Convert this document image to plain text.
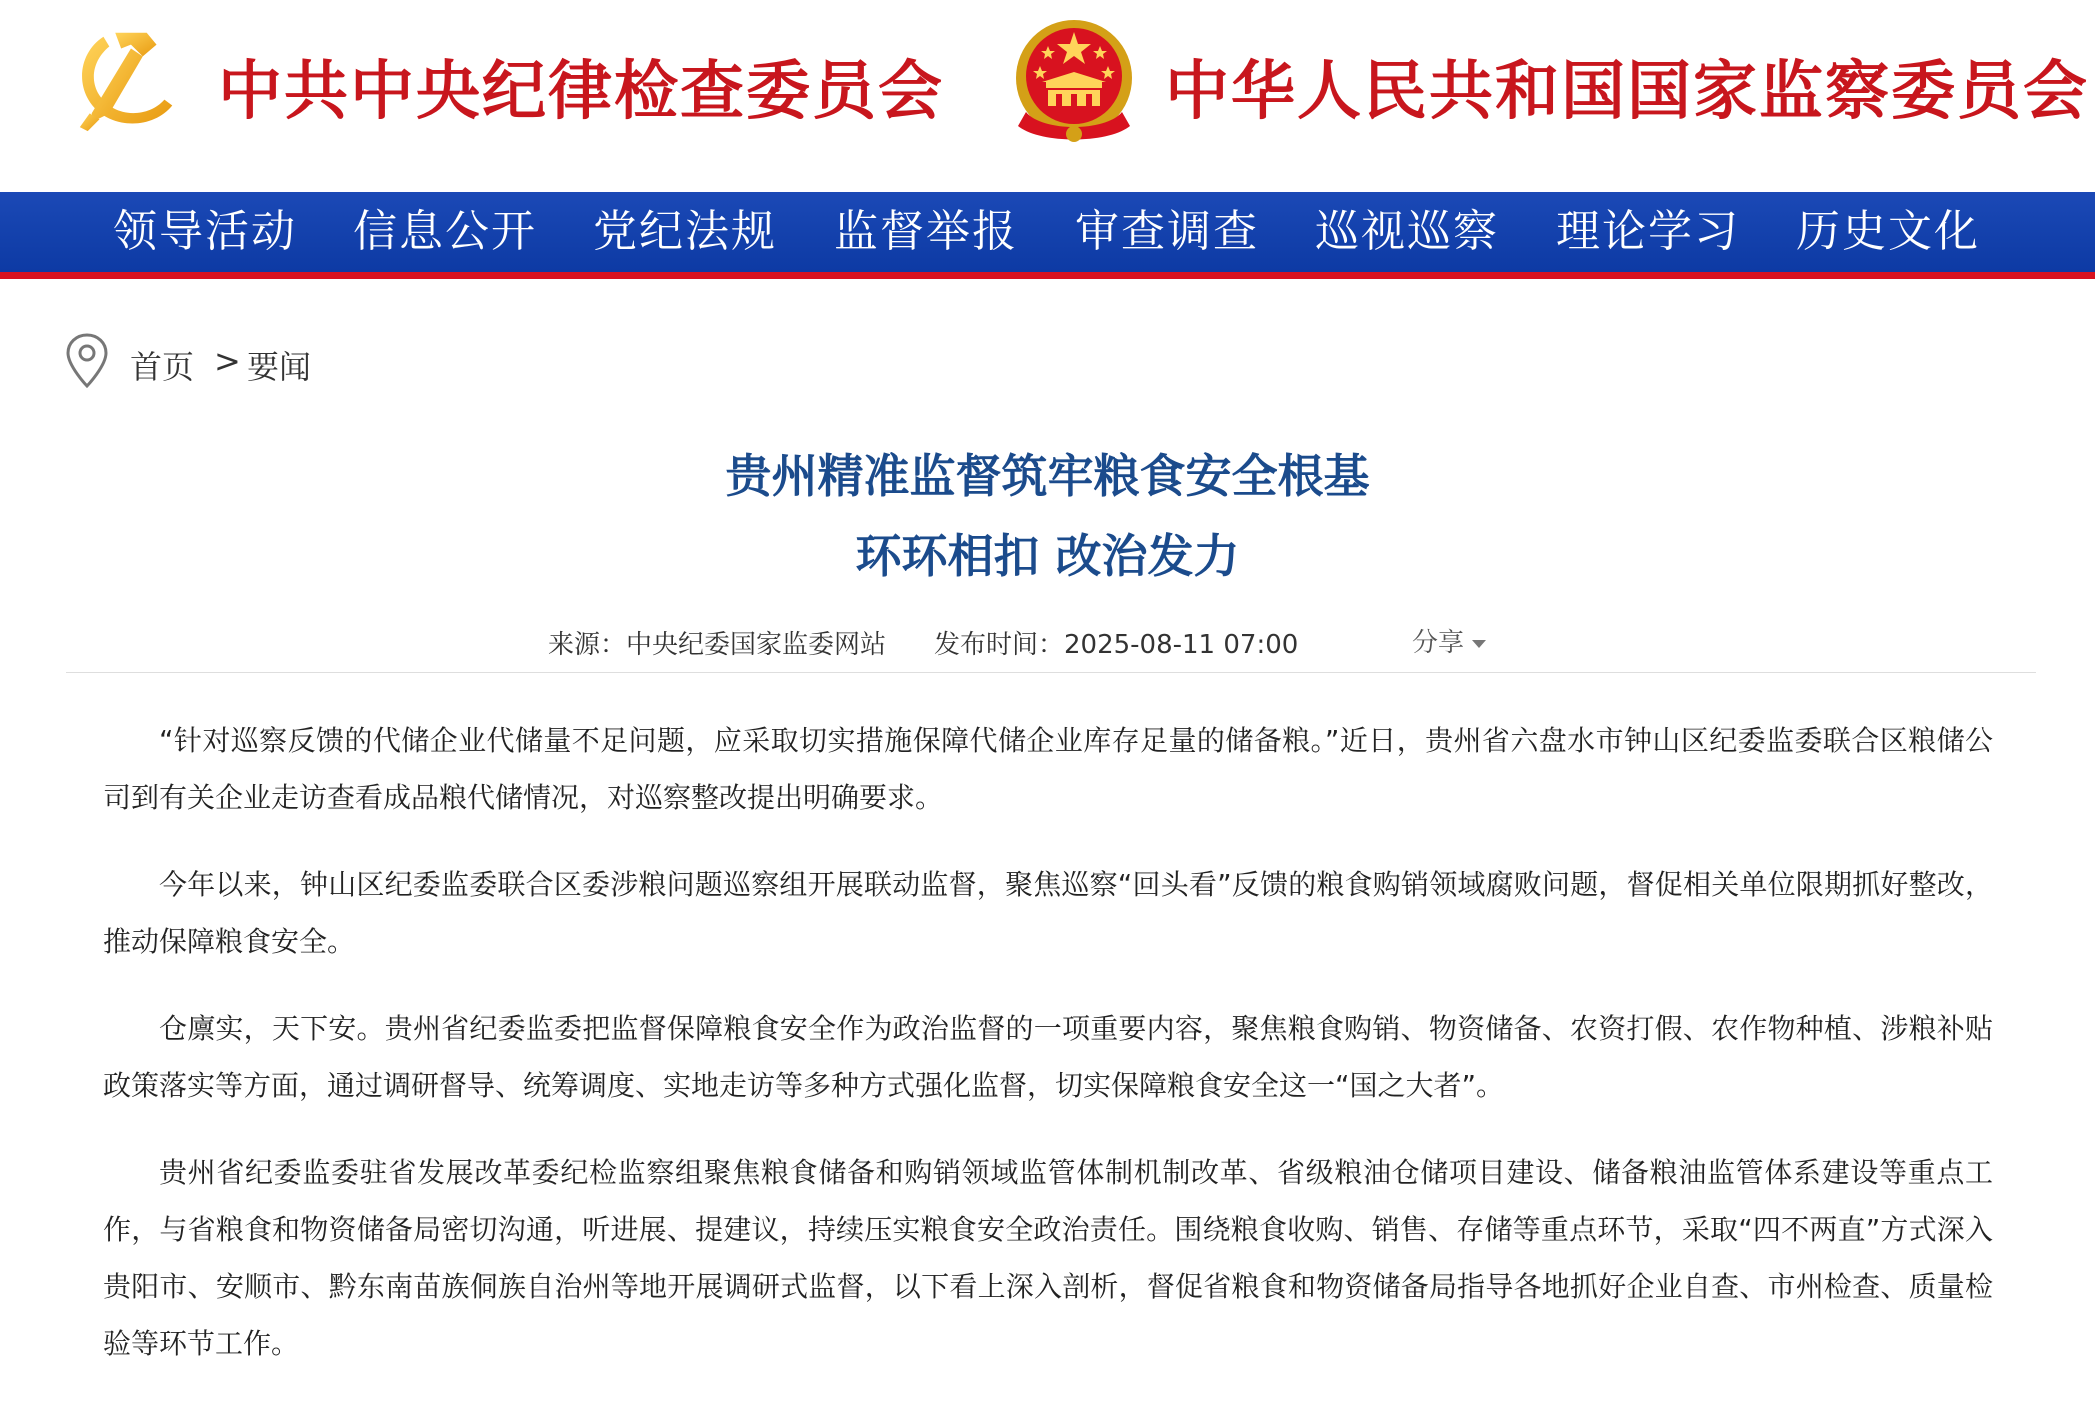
中共中央纪律检查委员会	中华人民共和国国家监察委员会
领导活动 信息公开 党纪法规 监督举报 审查调查 巡视巡察 理论学习 历史文化
首页 > 要闻
贵州精准监督筑牢粮食安全根基
环环相扣 改治发力
来源：中央纪委国家监委网站 发布时间：2025-08-11 07:00	分享

“针对巡察反馈的代储企业代储量不足问题，应采取切实措施保障代储企业库存足量的储备粮。”近日，贵州省六盘水市钟山区纪委监委联合区粮储公司到有关企业走访查看成品粮代储情况，对巡察整改提出明确要求。

今年以来，钟山区纪委监委联合区委涉粮问题巡察组开展联动监督，聚焦巡察“回头看”反馈的粮食购销领域腐败问题，督促相关单位限期抓好整改，推动保障粮食安全。

仓廪实，天下安。贵州省纪委监委把监督保障粮食安全作为政治监督的一项重要内容，聚焦粮食购销、物资储备、农资打假、农作物种植、涉粮补贴政策落实等方面，通过调研督导、统筹调度、实地走访等多种方式强化监督，切实保障粮食安全这一“国之大者”。

贵州省纪委监委驻省发展改革委纪检监察组聚焦粮食储备和购销领域监管体制机制改革、省级粮油仓储项目建设、储备粮油监管体系建设等重点工作，与省粮食和物资储备局密切沟通，听进展、提建议，持续压实粮食安全政治责任。围绕粮食收购、销售、存储等重点环节，采取“四不两直”方式深入贵阳市、安顺市、黔东南苗族侗族自治州等地开展调研式监督，以下看上深入剖析，督促省粮食和物资储备局指导各地抓好企业自查、市州检查、质量检验等环节工作。
